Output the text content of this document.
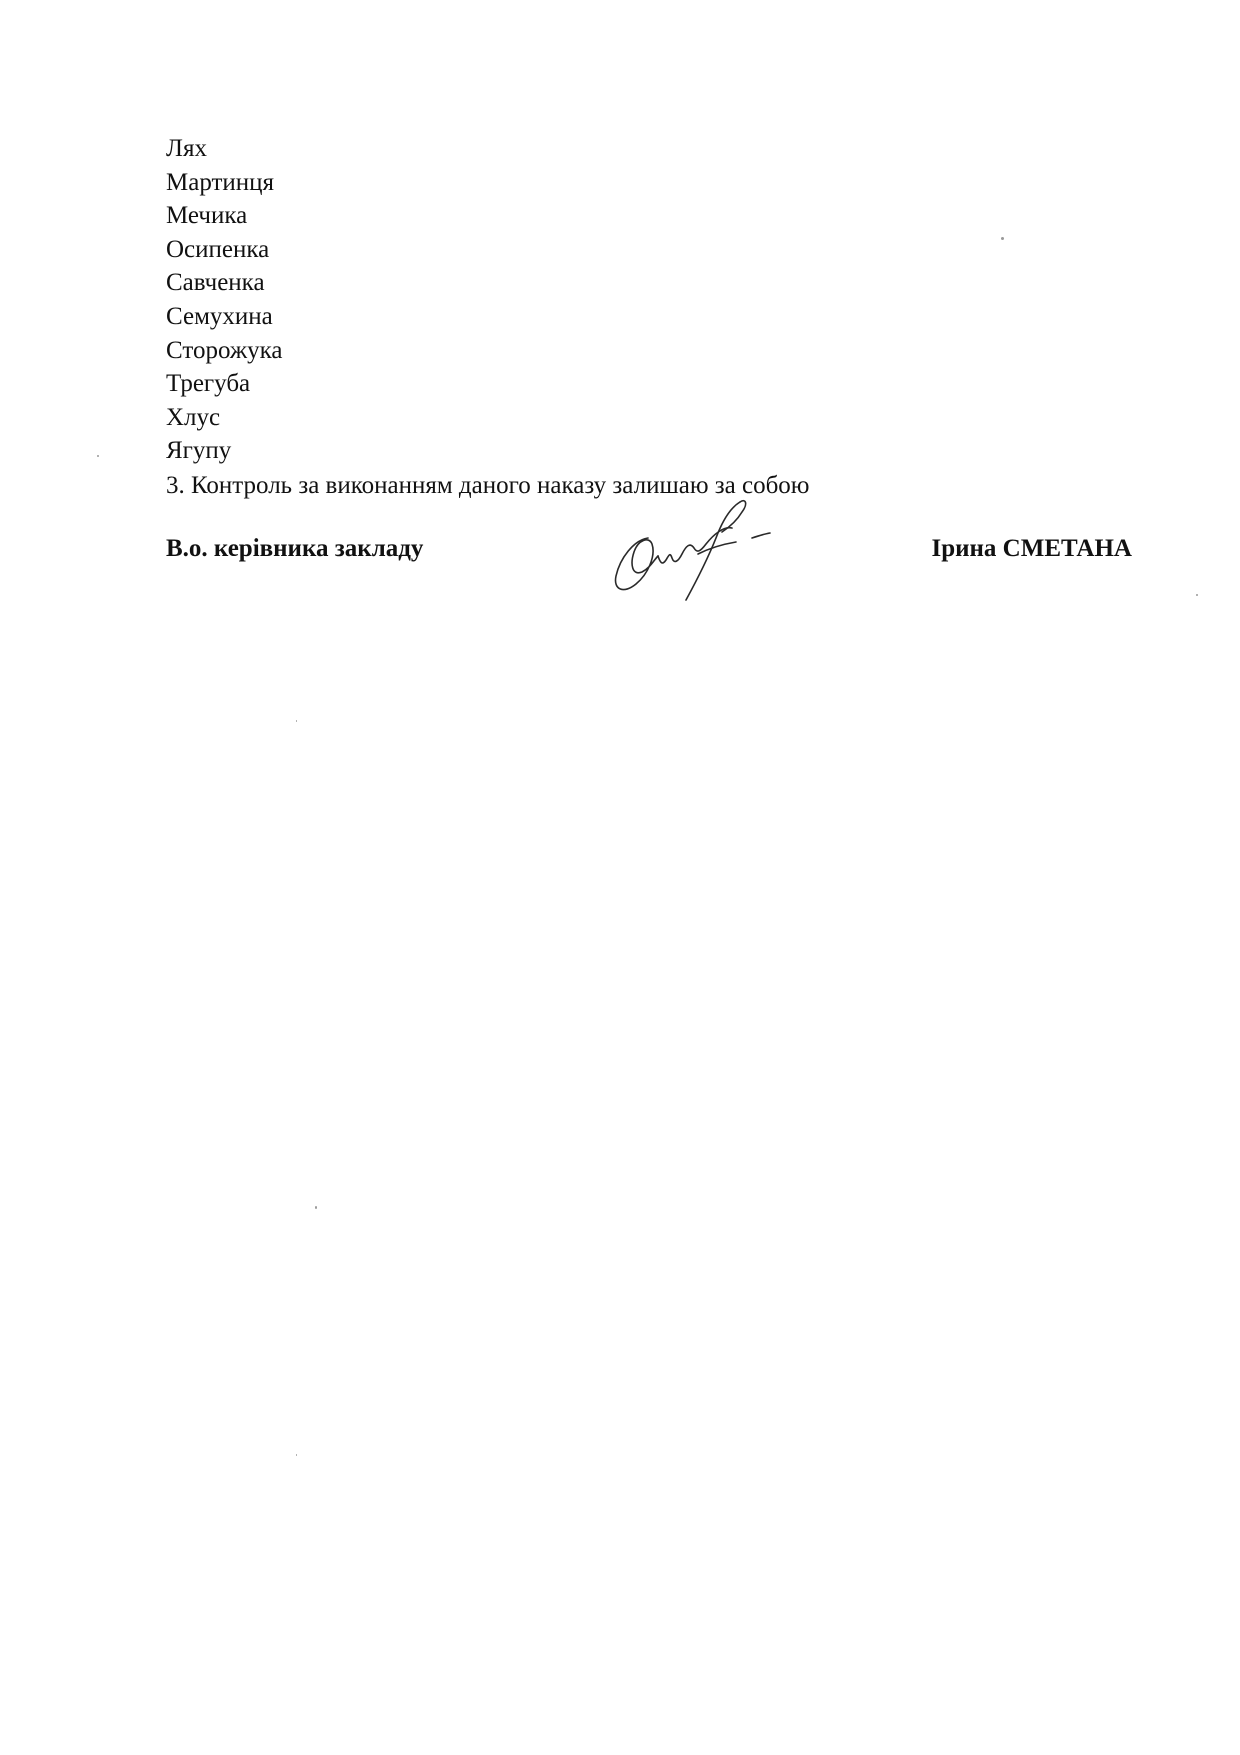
Лях
Мартинця
Мечика
Осипенка
Савченка
Семухина
Сторожука
Трегуба
Хлус
Ягупу
3. Контроль за виконанням даного наказу залишаю за собою
В.о. керівника закладу	Ірина СМЕТАНА
